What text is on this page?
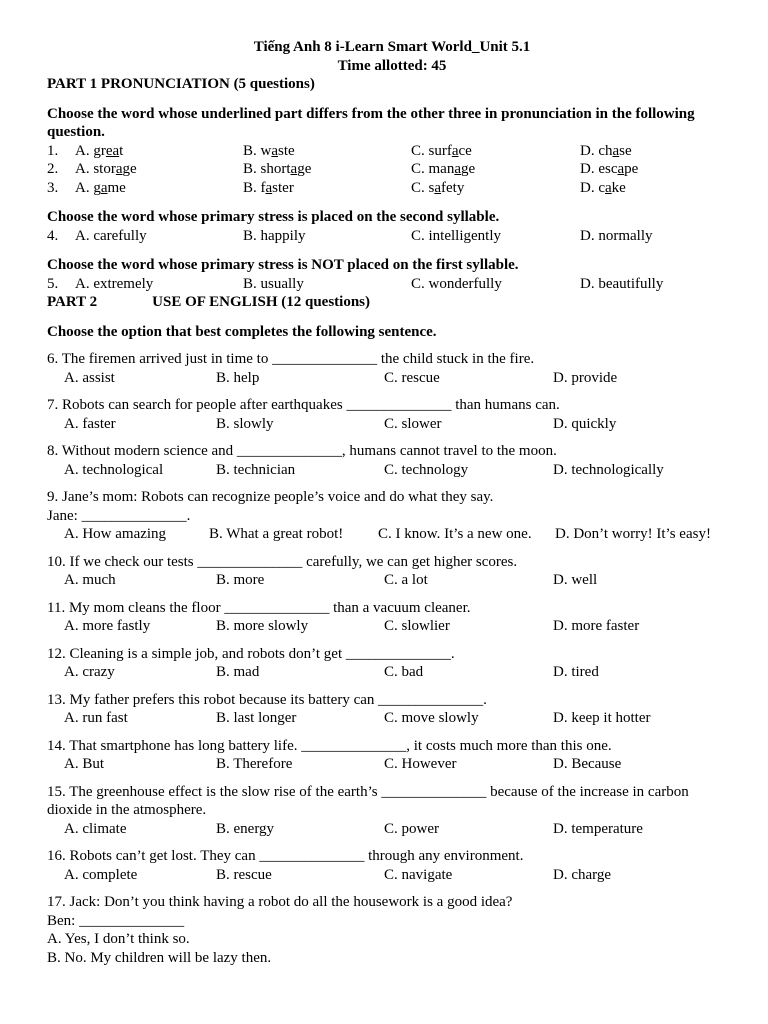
Tiếng Anh 8 i-Learn Smart World_Unit 5.1
Time allotted: 45
PART 1 PRONUNCIATION (5 questions)
Choose the word whose underlined part differs from the other three in pronunciation in the following question.
1.	A. great	B. waste	C. surface	D. chase
2.	A. storage	B. shortage	C. manage	D. escape
3.	A. game	B. faster	C. safety	D. cake
Choose the word whose primary stress is placed on the second syllable.
4.	A. carefully	B. happily	C. intelligently	D. normally
Choose the word whose primary stress is NOT placed on the first syllable.
5.	A. extremely	B. usually	C. wonderfully	D. beautifully
PART 2	USE OF ENGLISH (12 questions)
Choose the option that best completes the following sentence.
6. The firemen arrived just in time to ______________ the child stuck in the fire.
A. assist	B. help	C. rescue	D. provide
7. Robots can search for people after earthquakes ______________ than humans can.
A. faster	B. slowly	C. slower	D. quickly
8. Without modern science and ______________, humans cannot travel to the moon.
A. technological	B. technician	C. technology	D. technologically
9. Jane’s mom: Robots can recognize people’s voice and do what they say.
Jane: ______________.
A. How amazing	B. What a great robot!	C. I know. It’s a new one.	D. Don’t worry! It’s easy!
10. If we check our tests ______________ carefully, we can get higher scores.
A. much	B. more	C. a lot	D. well
11. My mom cleans the floor ______________ than a vacuum cleaner.
A. more fastly	B. more slowly	C. slowlier	D. more faster
12. Cleaning is a simple job, and robots don’t get ______________.
A. crazy	B. mad	C. bad	D. tired
13. My father prefers this robot because its battery can ______________.
A. run fast	B. last longer	C. move slowly	D. keep it hotter
14. That smartphone has long battery life. ______________, it costs much more than this one.
A. But	B. Therefore	C. However	D. Because
15. The greenhouse effect is the slow rise of the earth’s ______________ because of the increase in carbon dioxide in the atmosphere.
A. climate	B. energy	C. power	D. temperature
16. Robots can’t get lost. They can ______________ through any environment.
A. complete	B. rescue	C. navigate	D. charge
17. Jack: Don’t you think having a robot do all the housework is a good idea?
Ben: ______________
A. Yes, I don’t think so.
B. No. My children will be lazy then.
